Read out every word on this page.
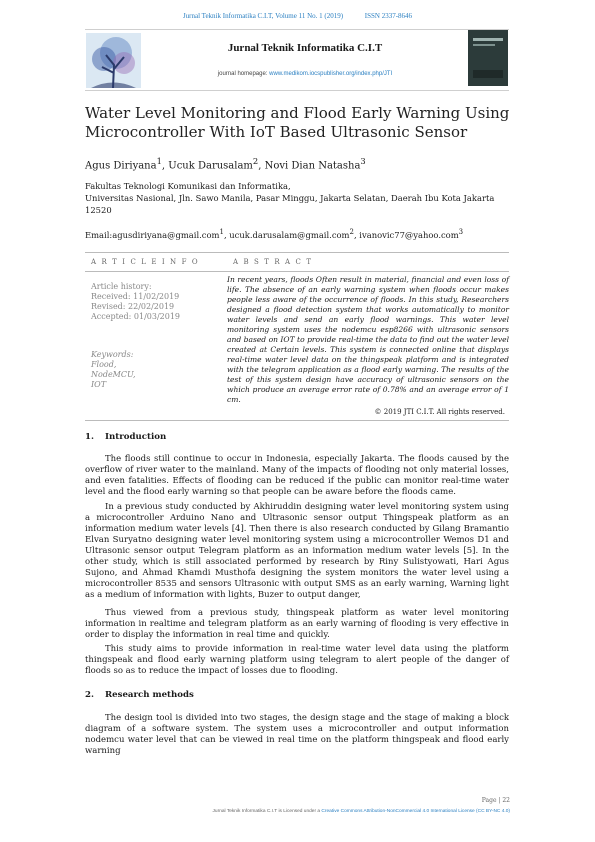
Jurnal Teknik Informatika C.I.T, Volume 11 No. 1 (2019)	ISSN 2337-8646
Jurnal Teknik Informatika C.I.T
journal homepage: www.medikom.iocspublisher.org/index.php/JTI
Water Level Monitoring and Flood Early Warning Using Microcontroller With IoT Based Ultrasonic Sensor
Agus Diriyana$^1$, Ucuk Darusalam$^2$, Novi Dian Natasha$^3$
Fakultas Teknologi Komunikasi dan Informatika,
Universitas Nasional, Jln. Sawo Manila, Pasar Minggu, Jakarta Selatan, Daerah Ibu Kota Jakarta
12520
Email:agusdiriyana@gmail.com$^1$, ucuk.darusalam@gmail.com$^2$, ivanovic77@yahoo.com$^3$
A R T I C L E I N F O	A B S T R A C T
Article history:
Received: 11/02/2019
Revised: 22/02/2019
Accepted: 01/03/2019
Keywords:
Flood,
NodeMCU,
IOT
In recent years, floods Often result in material, financial and even loss of life. The absence of an early warning system when floods occur makes people less aware of the occurrence of floods. In this study, Researchers designed a flood detection system that works automatically to monitor water levels and send an early flood warnings. This water level monitoring system uses the nodemcu esp8266 with ultrasonic sensors and based on IOT to provide real-time the data to find out the water level created at Certain levels. This system is connected online that displays real-time water level data on the thingspeak platform and is integrated with the telegram application as a flood early warning. The results of the test of this system design have accuracy of ultrasonic sensors on the which produce an average error rate of 0.78% and an average error of 1 cm.
© 2019 JTI C.I.T. All rights reserved.
1. Introduction
The floods still continue to occur in Indonesia, especially Jakarta. The floods caused by the overflow of river water to the mainland. Many of the impacts of flooding not only material losses, and even fatalities. Effects of flooding can be reduced if the public can monitor real-time water level and the flood early warning so that people can be aware before the floods came.
In a previous study conducted by Akhiruddin designing water level monitoring system using a microcontroller Arduino Nano and Ultrasonic sensor output Thingspeak platform as an information medium water levels [4]. Then there is also research conducted by Gilang Bramantio Elvan Suryatno designing water level monitoring system using a microcontroller Wemos D1 and Ultrasonic sensor output Telegram platform as an information medium water levels [5]. In the other study, which is still associated performed by research by Riny Sulistyowati, Hari Agus Sujono, and Ahmad Khamdi Musthofa designing the system monitors the water level using a microcontroller 8535 and sensors Ultrasonic with output SMS as an early warning, Warning light as a medium of information with lights, Buzer to output danger,
Thus viewed from a previous study, thingspeak platform as water level monitoring information in realtime and telegram platform as an early warning of flooding is very effective in order to display the information in real time and quickly.
This study aims to provide information in real-time water level data using the platform thingspeak and flood early warning platform using telegram to alert people of the danger of floods so as to reduce the impact of losses due to flooding.
2. Research methods
The design tool is divided into two stages, the design stage and the stage of making a block diagram of a software system. The system uses a microcontroller and output information nodemcu water level that can be viewed in real time on the platform thingspeak and flood early warning
Page | 22
Jurnal Teknik Informatika C.I.T is Licensed under a Creative Commons Attribution-NonCommercial 4.0 International License (CC BY-NC 4.0)
